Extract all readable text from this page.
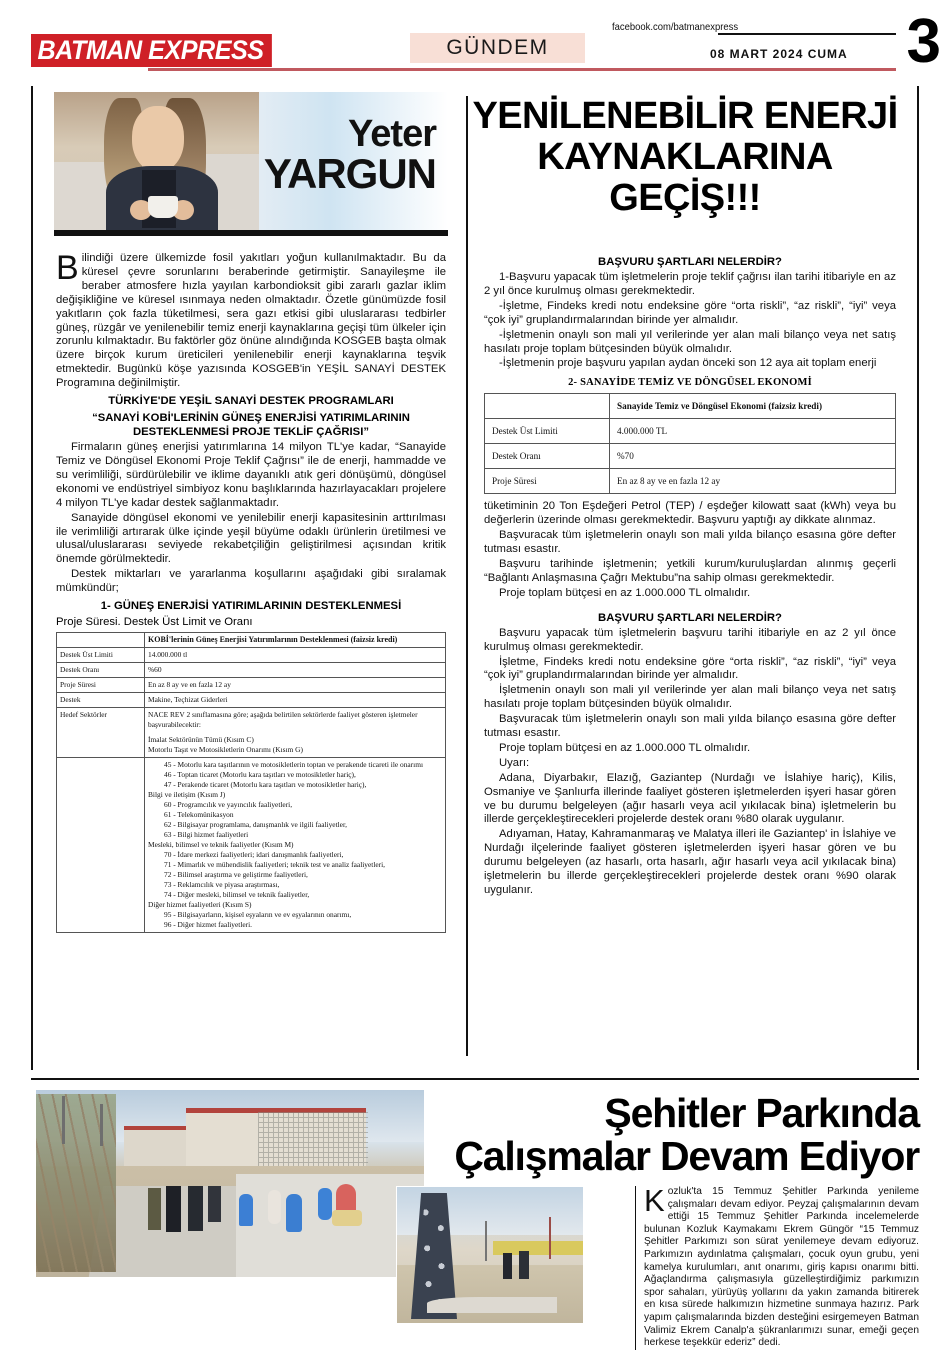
BATMAN EXPRESS	GÜNDEM
facebook.com/batmanexpress
08 MART 2024 CUMA 3
Yeter
YARGUN
YENİLENEBİLİR ENERJİ KAYNAKLARINA GEÇİŞ!!!

Bilindiği üzere ülkemizde fosil yakıtları yoğun kullanılmaktadır. Bu da küresel çevre sorunlarını beraberinde getirmiştir. Sanayileşme ile beraber atmosfere hızla yayılan karbondioksit gibi zararlı gazlar iklim değişikliğine ve küresel ısınmaya neden olmaktadır. Özetle günümüzde fosil yakıtların çok fazla tüketilmesi, sera gazı etkisi gibi uluslararası tedbirler güneş, rüzgâr ve yenilenebilir temiz enerji kaynaklarına geçişi tüm ülkeler için zorunlu kılmaktadır. Bu faktörler göz önüne alındığında KOSGEB başta olmak üzere birçok kurum üreticileri yenilenebilir enerji kaynaklarına teşvik etmektedir. Bugünkü köşe yazısında KOSGEB'in YEŞİL SANAYİ DESTEK Programına değinilmiştir.

TÜRKİYE'DE YEŞİL SANAYİ DESTEK PROGRAMLARI
“SANAYİ KOBİ'LERİNİN GÜNEŞ ENERJİSİ YATIRIMLARININ DESTEKLENMESİ PROJE TEKLİF ÇAĞRISI”

Firmaların güneş enerjisi yatırımlarına 14 milyon TL'ye kadar, “Sanayide Temiz ve Döngüsel Ekonomi Proje Teklif Çağrısı” ile de enerji, hammadde ve su verimliliği, sürdürülebilir ve iklime dayanıklı atık geri dönüşümü, döngüsel ekonomi ve endüstriyel simbiyoz konu başlıklarında hazırlayacakları projelere 4 milyon TL'ye kadar destek sağlanmaktadır.

Sanayide döngüsel ekonomi ve yenilebilir enerji kapasitesinin arttırılması ile verimliliği artırarak ülke içinde yeşil büyüme odaklı ürünlerin üretilmesi ve ulusal/uluslararası seviyede rekabetçiliğin geliştirilmesi açısından kritik önemde görülmektedir.

Destek miktarları ve yararlanma koşullarını aşağıdaki gibi sıralamak mümkündür;

1- GÜNEŞ ENERJİSİ YATIRIMLARININ DESTEKLENMESİ
Proje Süresi. Destek Üst Limit ve Oranı
	KOBİ'lerinin Güneş Enerjisi Yatırımlarının Desteklenmesi (faizsiz kredi)
Destek Üst Limiti	14.000.000 tl
Destek Oranı	%60
Proje Süresi	En az 8 ay ve en fazla 12 ay
Destek	Makine, Teçhizat Giderleri
Hedef Sektörler	NACE REV 2 sınıflamasına göre; aşağıda belirtilen sektörlerde faaliyet gösteren işletmeler başvurabilecektir:
İmalat Sektörünün Tümü (Kısım C)
Motorlu Taşıt ve Motosikletlerin Onarımı (Kısım G)

45 - Motorlu kara taşıtlarının ve motosikletlerin toptan ve perakende ticareti ile onarımı
46 - Toptan ticaret (Motorlu kara taşıtları ve motosikletler hariç),
47 - Perakende ticaret (Motorlu kara taşıtları ve motosikletler hariç),
Bilgi ve iletişim (Kısım J)
60 - Programcılık ve yayıncılık faaliyetleri,
61 - Telekomünikasyon
62 - Bilgisayar programlama, danışmanlık ve ilgili faaliyetler,
63 - Bilgi hizmet faaliyetleri
Mesleki, bilimsel ve teknik faaliyetler (Kısım M)
70 - İdare merkezi faaliyetleri; idari danışmanlık faaliyetleri,
71 - Mimarlık ve mühendislik faaliyetleri; teknik test ve analiz faaliyetleri,
72 - Bilimsel araştırma ve geliştirme faaliyetleri,
73 - Reklamcılık ve piyasa araştırması,
74 - Diğer mesleki, bilimsel ve teknik faaliyetler,
Diğer hizmet faaliyetleri (Kısım S)
95 - Bilgisayarların, kişisel eşyaların ve ev eşyalarının onarımı,
96 - Diğer hizmet faaliyetleri.
BAŞVURU ŞARTLARI NELERDİR?

1-Başvuru yapacak tüm işletmelerin proje teklif çağrısı ilan tarihi itibariyle en az 2 yıl önce kurulmuş olması gerekmektedir.

-İşletme, Findeks kredi notu endeksine göre “orta riskli”, “az riskli”, “iyi” veya “çok iyi” gruplandırmalarından birinde yer almalıdır.

-İşletmenin onaylı son mali yıl verilerinde yer alan mali bilanço veya net satış hasılatı proje toplam bütçesinden büyük olmalıdır.

-İşletmenin proje başvuru yapılan aydan önceki son 12 aya ait toplam enerji

2- SANAYİDE TEMİZ VE DÖNGÜSEL EKONOMİ
	Sanayide Temiz ve Döngüsel Ekonomi (faizsiz kredi)
Destek Üst Limiti	4.000.000 TL
Destek Oranı	%70
Proje Süresi	En az 8 ay ve en fazla 12 ay

tüketiminin 20 Ton Eşdeğeri Petrol (TEP) / eşdeğer kilowatt saat (kWh) veya bu değerlerin üzerinde olması gerekmektedir. Başvuru yaptığı ay dikkate alınmaz.

Başvuracak tüm işletmelerin onaylı son mali yılda bilanço esasına göre defter tutması esastır.

Başvuru tarihinde işletmenin; yetkili kurum/kuruluşlardan alınmış geçerli “Bağlantı Anlaşmasına Çağrı Mektubu”na sahip olması gerekmektedir.

Proje toplam bütçesi en az 1.000.000 TL olmalıdır.

BAŞVURU ŞARTLARI NELERDİR?

Başvuru yapacak tüm işletmelerin başvuru tarihi itibariyle en az 2 yıl önce kurulmuş olması gerekmektedir.

İşletme, Findeks kredi notu endeksine göre “orta riskli”, “az riskli”, “iyi” veya “çok iyi” gruplandırmalarından birinde yer almalıdır.

İşletmenin onaylı son mali yıl verilerinde yer alan mali bilanço veya net satış hasılatı proje toplam bütçesinden büyük olmalıdır.

Başvuracak tüm işletmelerin onaylı son mali yılda bilanço esasına göre defter tutması esastır.

Proje toplam bütçesi en az 1.000.000 TL olmalıdır.

Uyarı:

Adana, Diyarbakır, Elazığ, Gaziantep (Nurdağı ve İslahiye hariç), Kilis, Osmaniye ve Şanlıurfa illerinde faaliyet gösteren işletmelerden işyeri hasar gören ve bu durumu belgeleyen (ağır hasarlı veya acil yıkılacak bina) işletmelerin bu illerde gerçekleştirecekleri projelerde destek oranı %80 olarak uygulanır.

Adıyaman, Hatay, Kahramanmaraş ve Malatya illeri ile Gaziantep' in İslahiye ve Nurdağı ilçelerinde faaliyet gösteren işletmelerden işyeri hasar gören ve bu durumu belgeleyen (az hasarlı, orta hasarlı, ağır hasarlı veya acil yıkılacak bina) işletmelerin bu illerde gerçekleştirecekleri projelerde destek oranı %90 olarak uygulanır.

Şehitler Parkında
Çalışmalar Devam Ediyor

Kozluk'ta 15 Temmuz Şehitler Parkında yenileme çalışmaları devam ediyor. Peyzaj çalışmalarının devam ettiği 15 Temmuz Şehitler Parkında incelemelerde bulunan Kozluk Kaymakamı Ekrem Güngör “15 Temmuz Şehitler Parkımızı son sürat yenilemeye devam ediyoruz. Parkımızın aydınlatma çalışmaları, çocuk oyun grubu, yeni kamelya kurulumları, anıt onarımı, giriş kapısı onarımı bitti. Ağaçlandırma çalışmasıyla güzelleştirdiğimiz parkımızın spor sahaları, yürüyüş yollarını da yakın zamanda bitirerek en kısa sürede halkımızın hizmetine sunmaya hazırız. Park yapım çalışmalarında bizden desteğini esirgemeyen Batman Valimiz Ekrem Canalp'a şükranlarımızı sunar, emeği geçen herkese teşekkür ederiz” dedi.
